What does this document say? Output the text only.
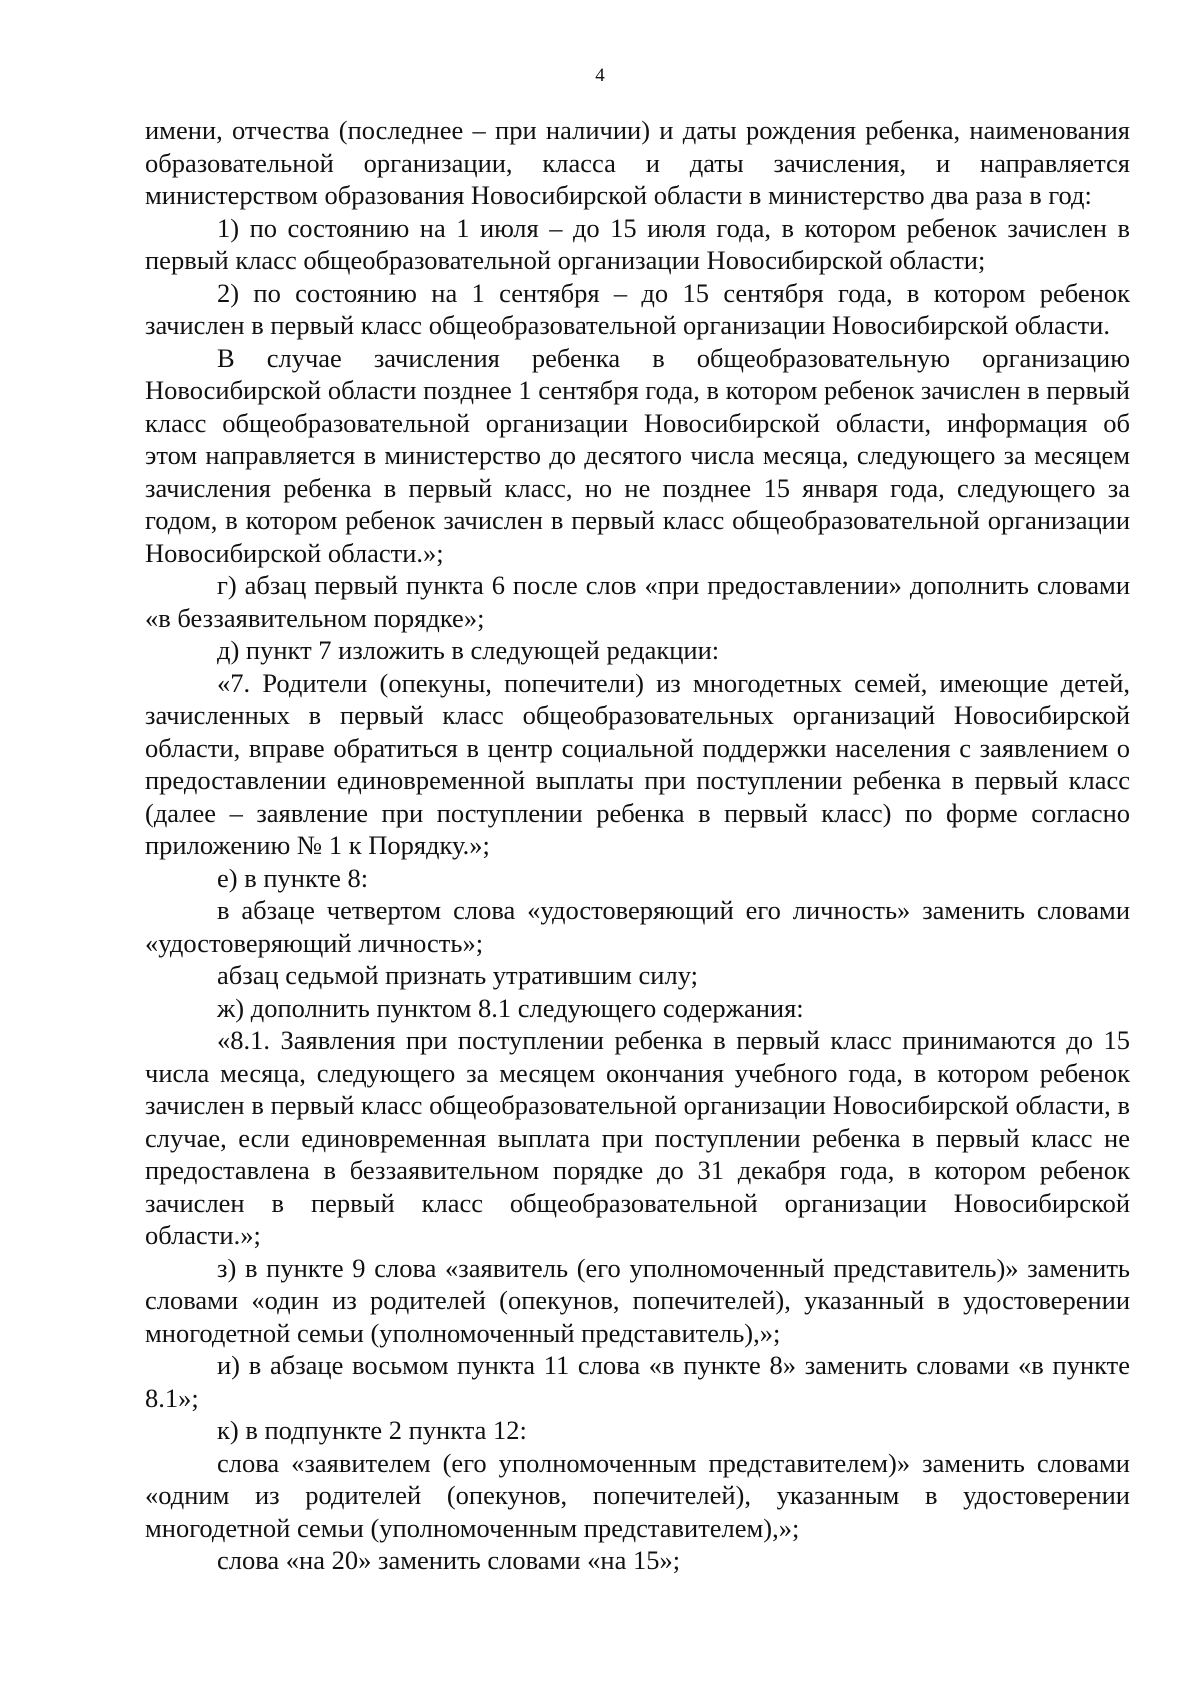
4

имени, отчества (последнее – при наличии) и даты рождения ребенка, наименования образовательной организации, класса и даты зачисления, и направляется министерством образования Новосибирской области в министерство два раза в год:

1) по состоянию на 1 июля – до 15 июля года, в котором ребенок зачислен в первый класс общеобразовательной организации Новосибирской области;

2) по состоянию на 1 сентября – до 15 сентября года, в котором ребенок зачислен в первый класс общеобразовательной организации Новосибирской области.

В случае зачисления ребенка в общеобразовательную организацию Новосибирской области позднее 1 сентября года, в котором ребенок зачислен в первый класс общеобразовательной организации Новосибирской области, информация об этом направляется в министерство до десятого числа месяца, следующего за месяцем зачисления ребенка в первый класс, но не позднее 15 января года, следующего за годом, в котором ребенок зачислен в первый класс общеобразовательной организации Новосибирской области.»;

г) абзац первый пункта 6 после слов «при предоставлении» дополнить словами «в беззаявительном порядке»;

д) пункт 7 изложить в следующей редакции:

«7. Родители (опекуны, попечители) из многодетных семей, имеющие детей, зачисленных в первый класс общеобразовательных организаций Новосибирской области, вправе обратиться в центр социальной поддержки населения с заявлением о предоставлении единовременной выплаты при поступлении ребенка в первый класс (далее – заявление при поступлении ребенка в первый класс) по форме согласно приложению № 1 к Порядку.»;

е) в пункте 8:

в абзаце четвертом слова «удостоверяющий его личность» заменить словами «удостоверяющий личность»;

абзац седьмой признать утратившим силу;

ж) дополнить пунктом 8.1 следующего содержания:

«8.1. Заявления при поступлении ребенка в первый класс принимаются до 15 числа месяца, следующего за месяцем окончания учебного года, в котором ребенок зачислен в первый класс общеобразовательной организации Новосибирской области, в случае, если единовременная выплата при поступлении ребенка в первый класс не предоставлена в беззаявительном порядке до 31 декабря года, в котором ребенок зачислен в первый класс общеобразовательной организации Новосибирской области.»;

з) в пункте 9 слова «заявитель (его уполномоченный представитель)» заменить словами «один из родителей (опекунов, попечителей), указанный в удостоверении многодетной семьи (уполномоченный представитель),»;

и) в абзаце восьмом пункта 11 слова «в пункте 8» заменить словами «в пункте 8.1»;

к) в подпункте 2 пункта 12:

слова «заявителем (его уполномоченным представителем)» заменить словами «одним из родителей (опекунов, попечителей), указанным в удостоверении многодетной семьи (уполномоченным представителем),»;

слова «на 20» заменить словами «на 15»;
